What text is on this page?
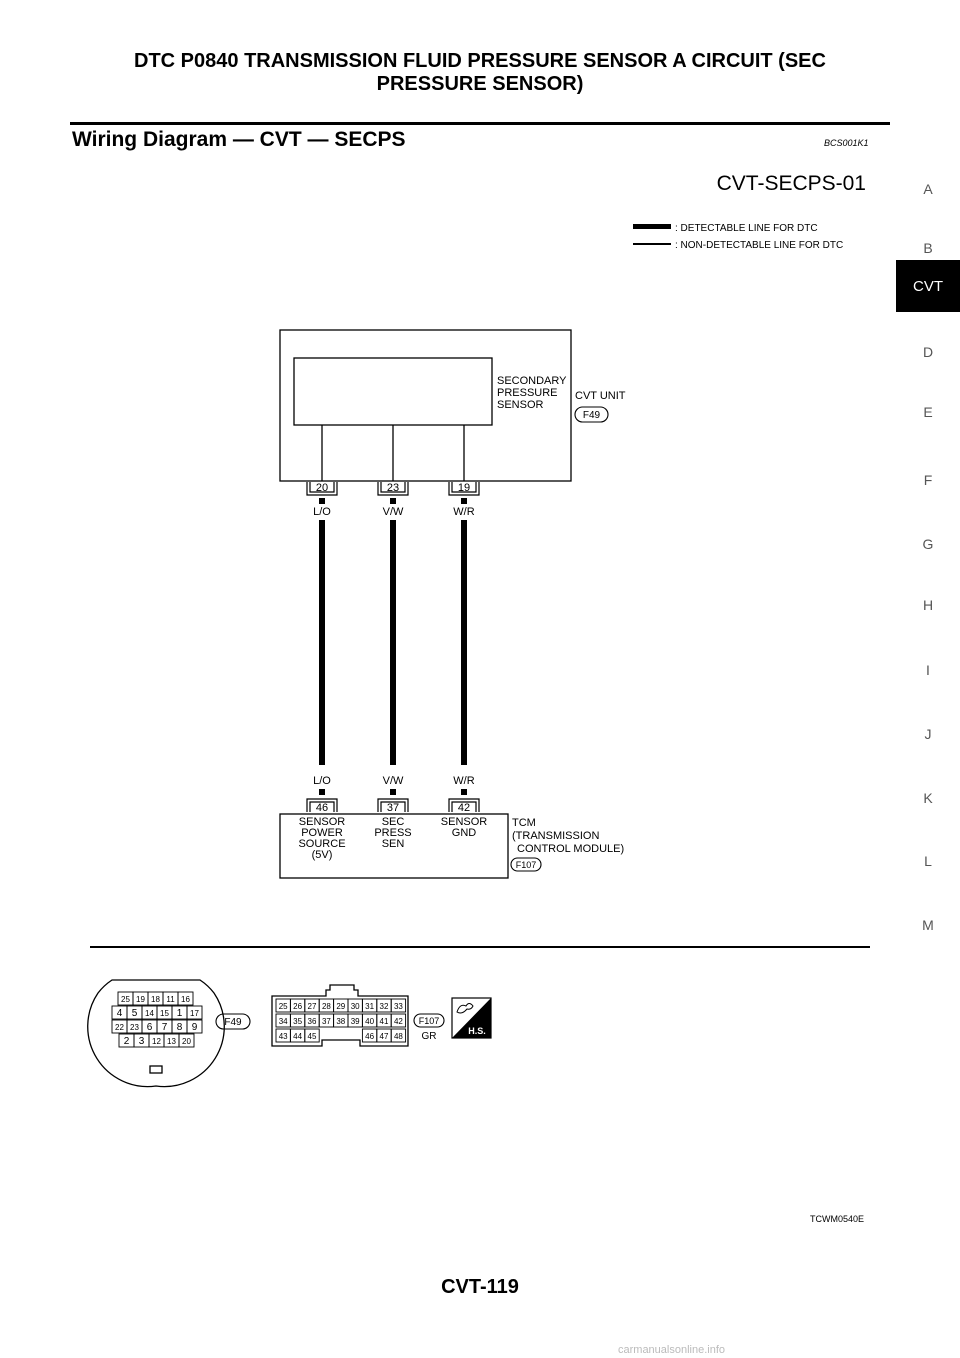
DTC P0840 TRANSMISSION FLUID PRESSURE SENSOR A CIRCUIT (SEC
PRESSURE SENSOR)
Wiring Diagram — CVT — SECPS	BCS001K1
A
B
CVT
D
E
F
G
H
I
J
K
L
M
CVT-SECPS-01
: DETECTABLE LINE FOR DTC
: NON-DETECTABLE LINE FOR DTC
SECONDARY
PRESSURE
SENSOR
CVT UNIT
F49
20	23	19
L/O	V/W	W/R
L/O	V/W	W/R
46	37	42
SENSOR
POWER
SOURCE
(5V)
SEC
PRESS
SEN
SENSOR
GND
TCM
(TRANSMISSION
CONTROL MODULE)
F107
25 19 18 11 16
4 5 14 15 1 17
22 23 6 7 8 9
2 3 12 13 20
F49
25 26 27 28 29 30 31 32 33
34 35 36 37 38 39 40 41 42
43 44 45	46 47 48
F107
GR	H.S.
TCWM0540E
CVT-119
carmanualsonline.info
